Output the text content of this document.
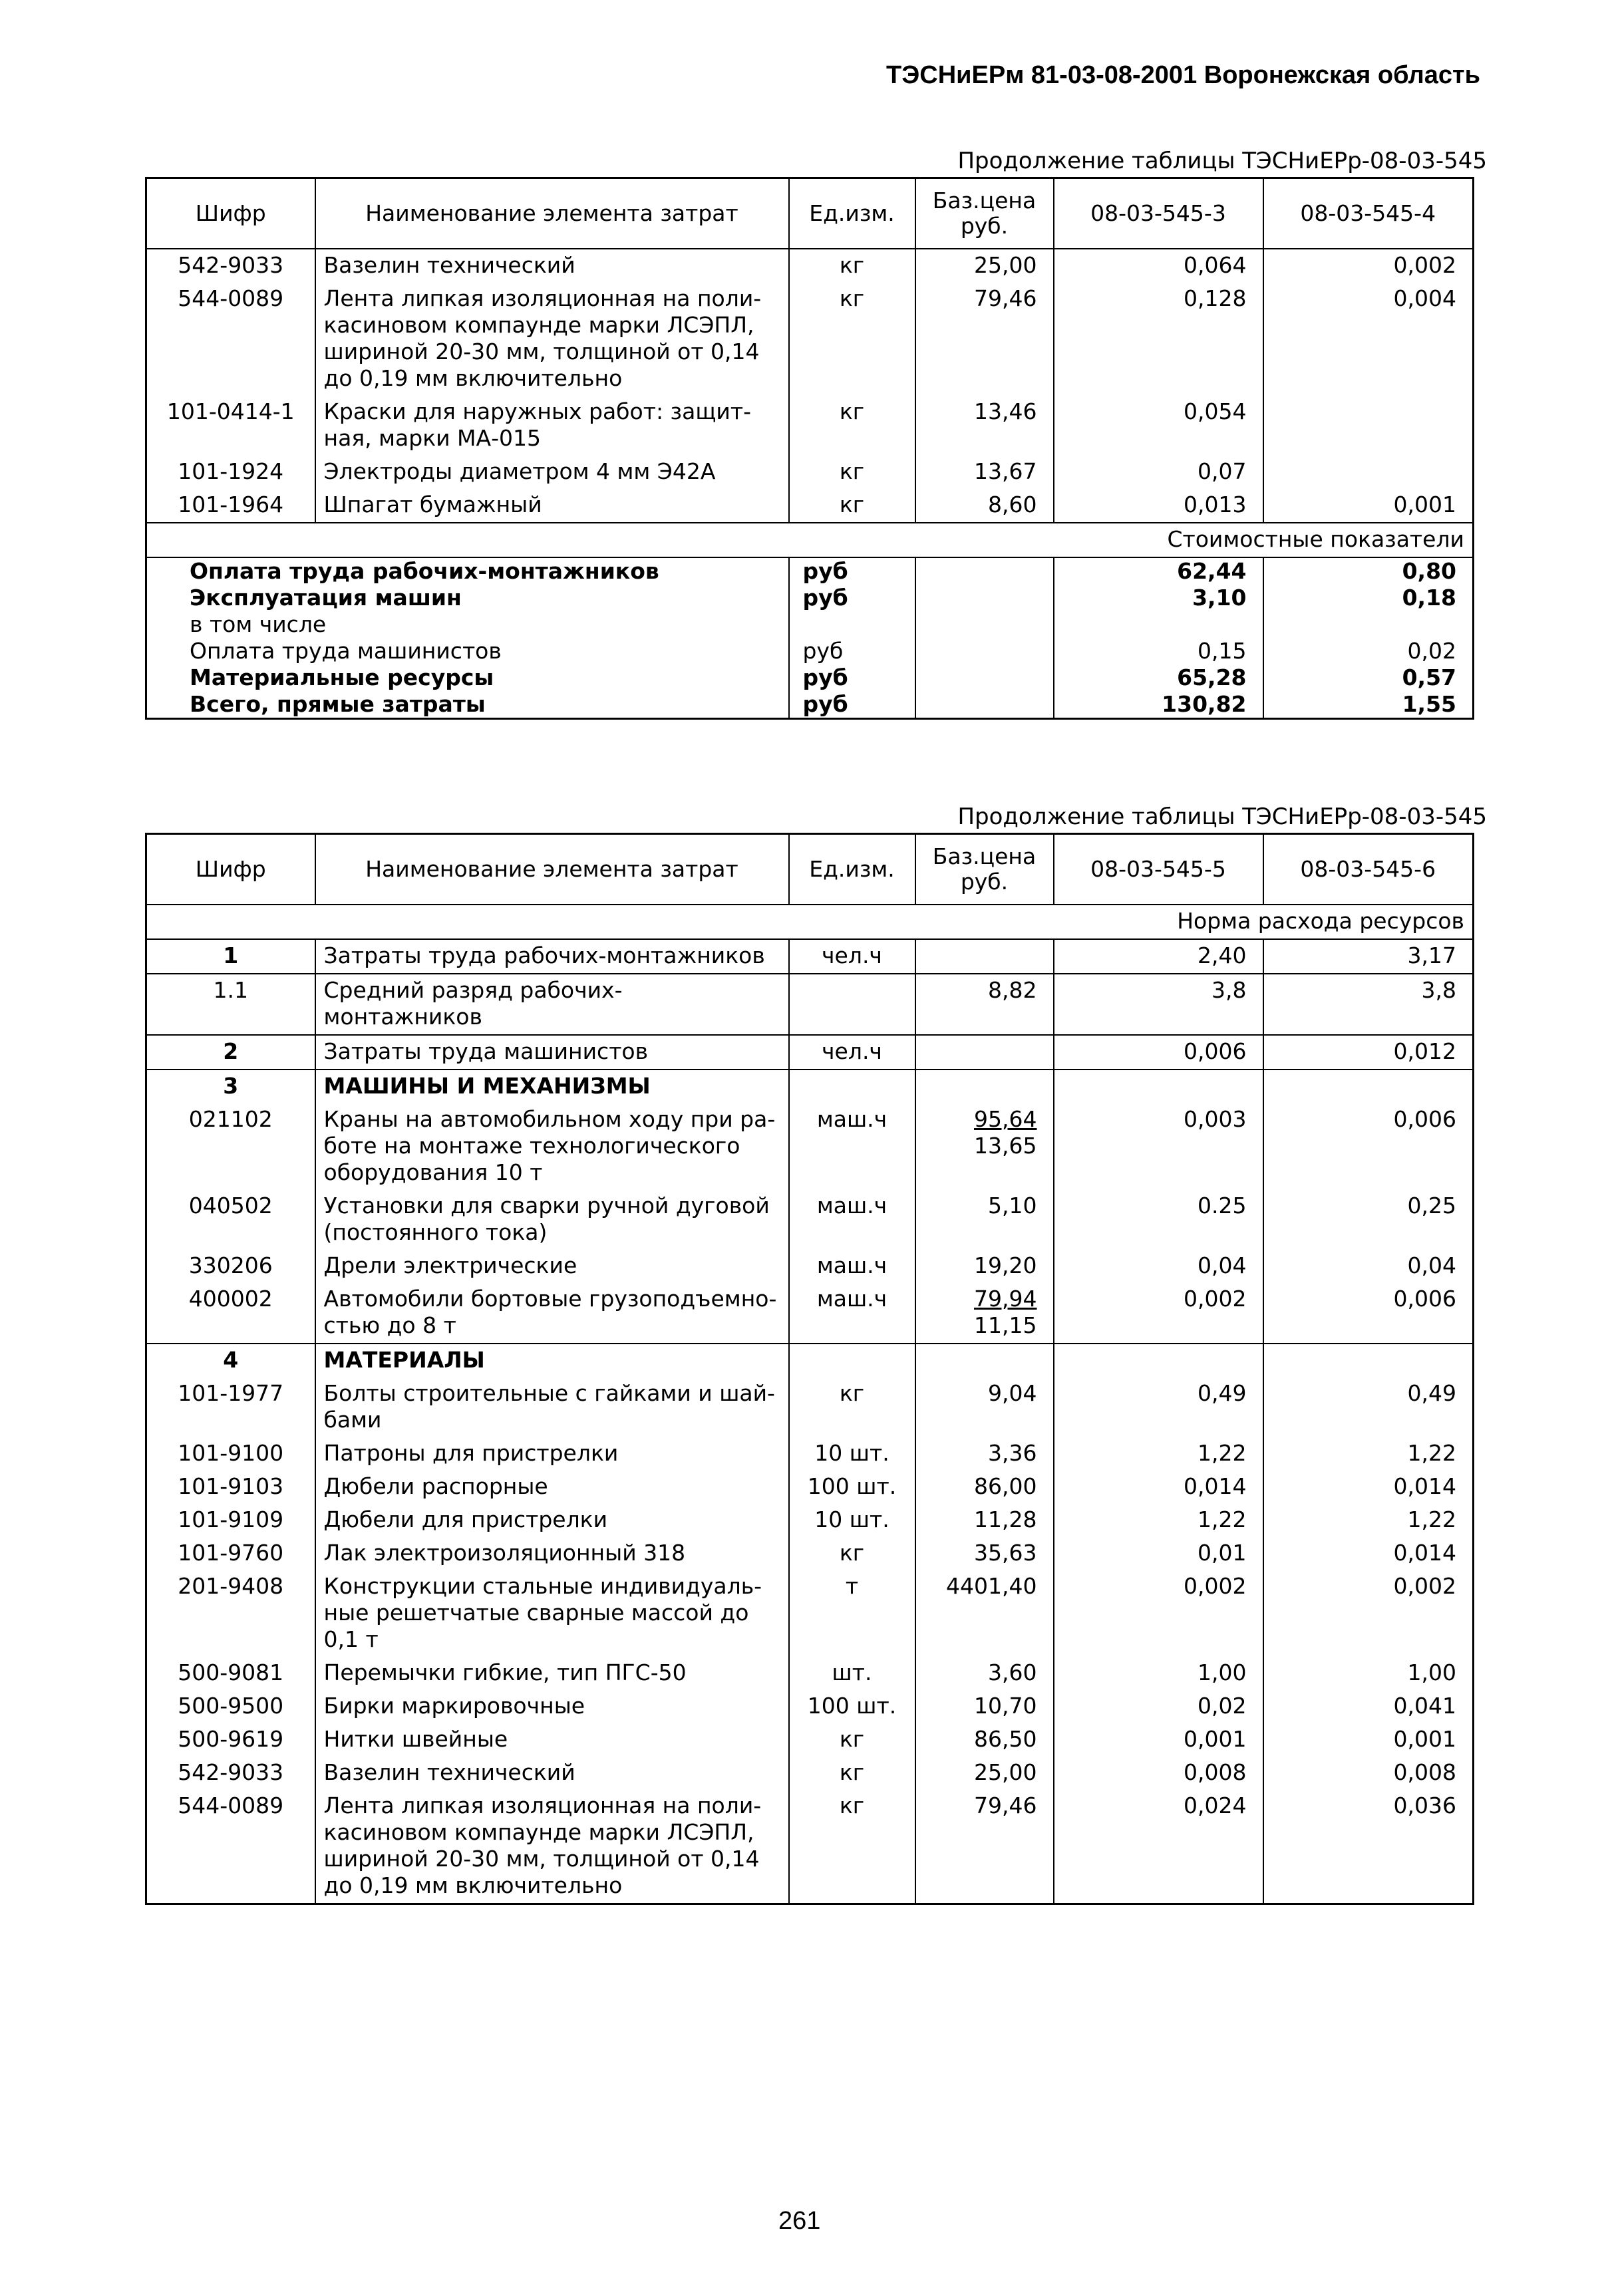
ТЭСНиЕРм 81-03-08-2001 Воронежская область
Продолжение таблицы ТЭСНиЕРр-08-03-545
Шифр	Наименование элемента затрат	Ед.изм.	Баз.цена руб.	08-03-545-3	08-03-545-4
542-9033	Вазелин технический	кг	25,00	0,064	0,002
544-0089	Лента липкая изоляционная на поли-касиновом компаунде марки ЛСЭПЛ, шириной 20-30 мм, толщиной от 0,14 до 0,19 мм включительно	кг	79,46	0,128	0,004
101-0414-1	Краски для наружных работ: защит-ная, марки МА-015	кг	13,46	0,054	
101-1924	Электроды диаметром 4 мм Э42А	кг	13,67	0,07	
101-1964	Шпагат бумажный	кг	8,60	0,013	0,001
Стоимостные показатели					
Оплата труда рабочих-монтажников		руб		62,44	0,80
Эксплуатация машин		руб		3,10	0,18
в том числе					
Оплата труда машинистов		руб		0,15	0,02
Материальные ресурсы		руб		65,28	0,57
Всего, прямые затраты		руб		130,82	1,55
Продолжение таблицы ТЭСНиЕРр-08-03-545
Шифр	Наименование элемента затрат	Ед.изм.	Баз.цена руб.	08-03-545-5	08-03-545-6
Норма расхода ресурсов					
1	Затраты труда рабочих-монтажников	чел.ч		2,40	3,17
1.1	Средний разряд рабочих-монтажников		8,82	3,8	3,8
2	Затраты труда машинистов	чел.ч		0,006	0,012
3	МАШИНЫ И МЕХАНИЗМЫ				
021102	Краны на автомобильном ходу при ра-боте на монтаже технологического оборудования 10 т	маш.ч	$\frac{95,64}{13,65}$	0,003	0,006
040502	Установки для сварки ручной дуговой (постоянного тока)	маш.ч	5,10	0.25	0,25
330206	Дрели электрические	маш.ч	19,20	0,04	0,04
400002	Автомобили бортовые грузоподъемно-стью до 8 т	маш.ч	$\frac{79,94}{11,15}$	0,002	0,006
4	МАТЕРИАЛЫ				
101-1977	Болты строительные с гайками и шай-бами	кг	9,04	0,49	0,49
101-9100	Патроны для пристрелки	10 шт.	3,36	1,22	1,22
101-9103	Дюбели распорные	100 шт.	86,00	0,014	0,014
101-9109	Дюбели для пристрелки	10 шт.	11,28	1,22	1,22
101-9760	Лак электроизоляционный 318	кг	35,63	0,01	0,014
201-9408	Конструкции стальные индивидуаль-ные решетчатые сварные массой до 0,1 т	т	4401,40	0,002	0,002
500-9081	Перемычки гибкие, тип ПГС-50	шт.	3,60	1,00	1,00
500-9500	Бирки маркировочные	100 шт.	10,70	0,02	0,041
500-9619	Нитки швейные	кг	86,50	0,001	0,001
542-9033	Вазелин технический	кг	25,00	0,008	0,008
544-0089	Лента липкая изоляционная на поли-касиновом компаунде марки ЛСЭПЛ, шириной 20-30 мм, толщиной от 0,14 до 0,19 мм включительно	кг	79,46	0,024	0,036
261
